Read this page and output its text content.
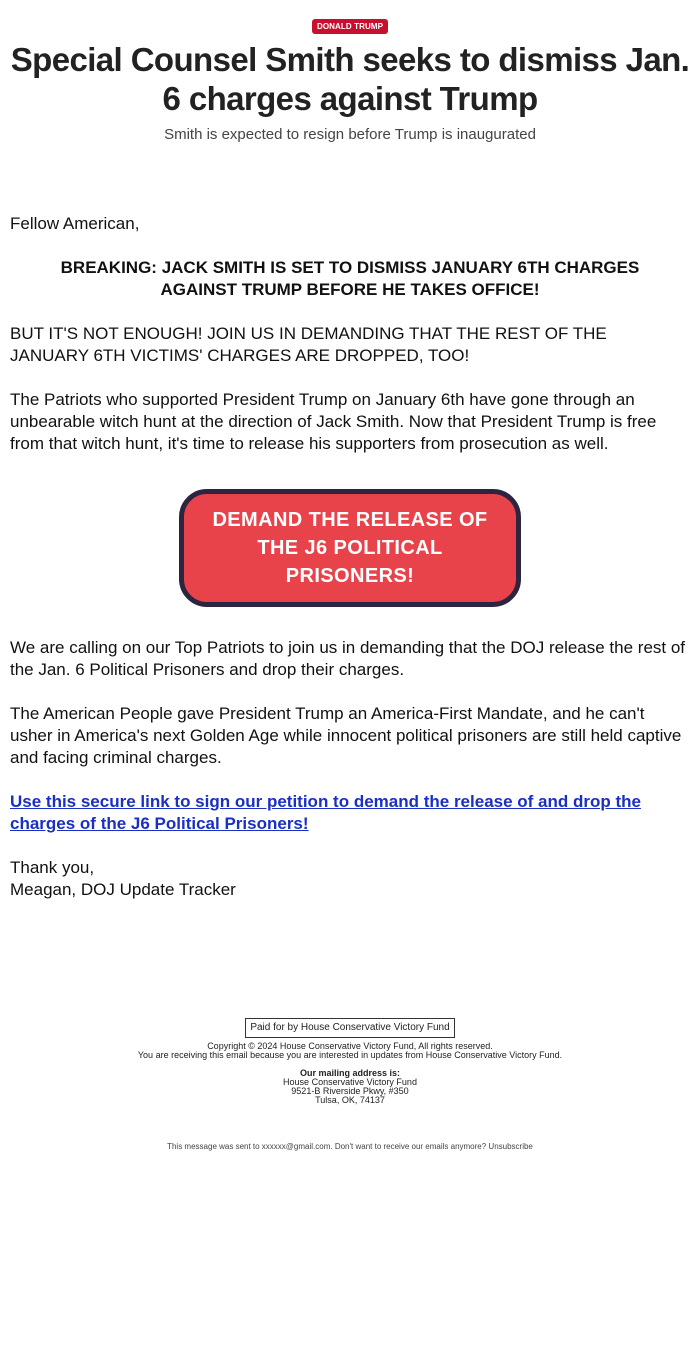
DONALD TRUMP
Special Counsel Smith seeks to dismiss Jan. 6 charges against Trump
Smith is expected to resign before Trump is inaugurated
Fellow American,
BREAKING: JACK SMITH IS SET TO DISMISS JANUARY 6TH CHARGES AGAINST TRUMP BEFORE HE TAKES OFFICE!
BUT IT'S NOT ENOUGH! JOIN US IN DEMANDING THAT THE REST OF THE JANUARY 6TH VICTIMS' CHARGES ARE DROPPED, TOO!
The Patriots who supported President Trump on January 6th have gone through an unbearable witch hunt at the direction of Jack Smith. Now that President Trump is free from that witch hunt, it's time to release his supporters from prosecution as well.
DEMAND THE RELEASE OF THE J6 POLITICAL PRISONERS!
We are calling on our Top Patriots to join us in demanding that the DOJ release the rest of the Jan. 6 Political Prisoners and drop their charges.
The American People gave President Trump an America-First Mandate, and he can't usher in America's next Golden Age while innocent political prisoners are still held captive and facing criminal charges.
Use this secure link to sign our petition to demand the release of and drop the charges of the J6 Political Prisoners!
Thank you,
Meagan, DOJ Update Tracker
Paid for by House Conservative Victory Fund
Copyright © 2024 House Conservative Victory Fund, All rights reserved.
You are receiving this email because you are interested in updates from House Conservative Victory Fund.
Our mailing address is:
House Conservative Victory Fund
9521-B Riverside Pkwy, #350
Tulsa, OK, 74137
This message was sent to xxxxxx@gmail.com. Don't want to receive our emails anymore? Unsubscribe
